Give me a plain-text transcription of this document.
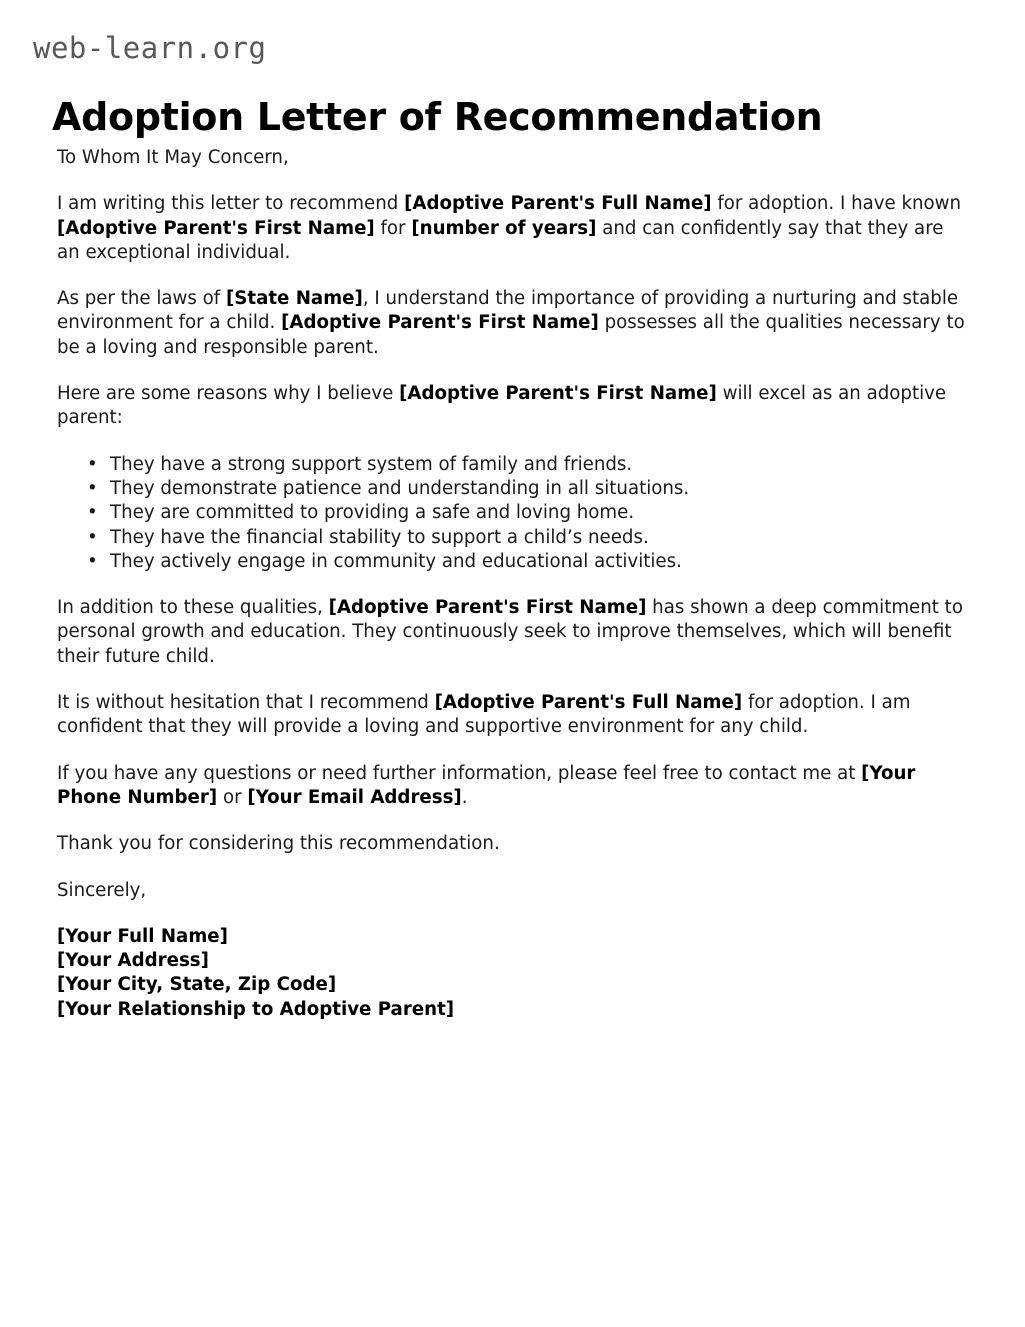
web-learn.org
Adoption Letter of Recommendation

To Whom It May Concern,

I am writing this letter to recommend [Adoptive Parent's Full Name] for adoption. I have known [Adoptive Parent's First Name] for [number of years] and can confidently say that they are an exceptional individual.

As per the laws of [State Name], I understand the importance of providing a nurturing and stable environment for a child. [Adoptive Parent's First Name] possesses all the qualities necessary to be a loving and responsible parent.

Here are some reasons why I believe [Adoptive Parent's First Name] will excel as an adoptive parent:

• They have a strong support system of family and friends.
• They demonstrate patience and understanding in all situations.
• They are committed to providing a safe and loving home.
• They have the financial stability to support a child’s needs.
• They actively engage in community and educational activities.

In addition to these qualities, [Adoptive Parent's First Name] has shown a deep commitment to personal growth and education. They continuously seek to improve themselves, which will benefit their future child.

It is without hesitation that I recommend [Adoptive Parent's Full Name] for adoption. I am confident that they will provide a loving and supportive environment for any child.

If you have any questions or need further information, please feel free to contact me at [Your Phone Number] or [Your Email Address].

Thank you for considering this recommendation.

Sincerely,

[Your Full Name]
[Your Address]
[Your City, State, Zip Code]
[Your Relationship to Adoptive Parent]
